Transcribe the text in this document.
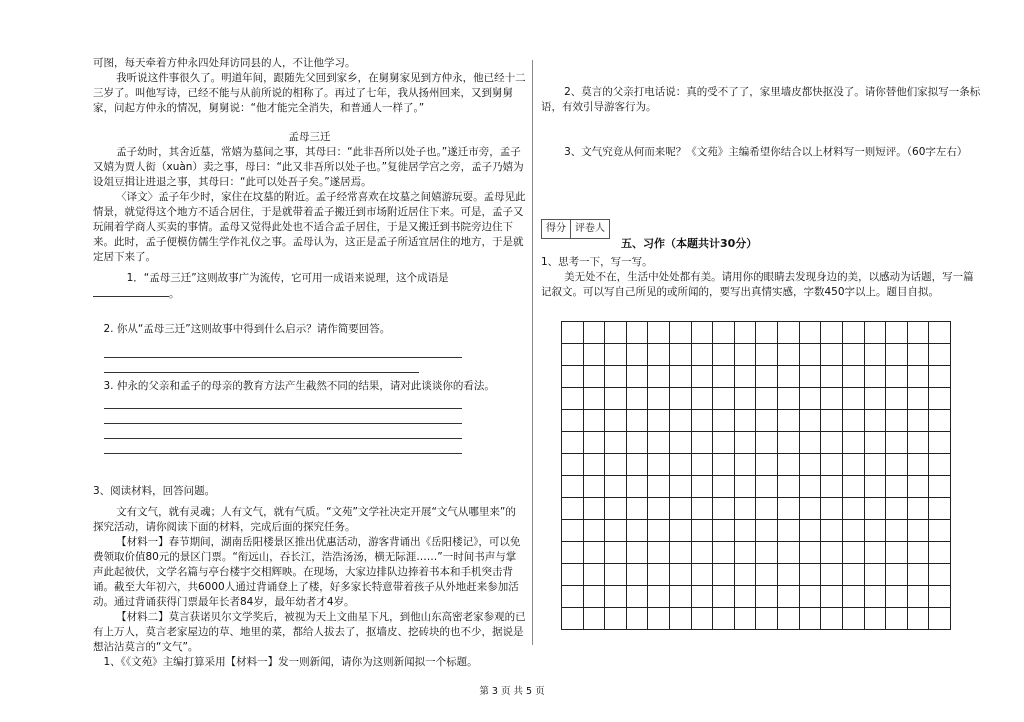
可图，每天牵着方仲永四处拜访同县的人，不让他学习。

我听说这件事很久了。明道年间，跟随先父回到家乡，在舅舅家见到方仲永，他已经十二三岁了。叫他写诗，已经不能与从前所说的相称了。再过了七年，我从扬州回来，又到舅舅家，问起方仲永的情况，舅舅说：“他才能完全消失，和普通人一样了。”

孟母三迁

孟子幼时，其舍近墓，常嬉为墓间之事，其母曰：“此非吾所以处子也。”遂迁市旁，孟子又嬉为贾人衒（xuàn）卖之事，母曰：“此又非吾所以处子也。”复徙居学宫之旁，孟子乃嬉为设俎豆揖让进退之事，其母曰：“此可以处吾子矣。”遂居焉。

〈译文〉孟子年少时，家住在坟墓的附近。孟子经常喜欢在坟墓之间嬉游玩耍。孟母见此情景，就觉得这个地方不适合居住，于是就带着孟子搬迁到市场附近居住下来。可是，孟子又玩闹着学商人买卖的事情。孟母又觉得此处也不适合孟子居住，于是又搬迁到书院旁边住下来。此时，孟子便模仿儒生学作礼仪之事。孟母认为，这正是孟子所适宜居住的地方，于是就定居下来了。

1．“孟母三迁”这则故事广为流传，它可用一成语来说理，这个成语是
。

2. 你从“孟母三迁”这则故事中得到什么启示？请作简要回答。

3. 仲永的父亲和孟子的母亲的教育方法产生截然不同的结果，请对此谈谈你的看法。

3、阅读材料，回答问题。

文有文气，就有灵魂；人有文气，就有气质。“文苑”文学社决定开展“文气从哪里来”的探究活动，请你阅读下面的材料，完成后面的探究任务。

【材料一】春节期间，湖南岳阳楼景区推出优惠活动，游客背诵出《岳阳楼记》，可以免费领取价值80元的景区门票。“衔远山，吞长江，浩浩汤汤，横无际涯……”一时间书声与掌声此起彼伏，文学名篇与亭台楼宇交相辉映。在现场，大家边排队边捧着书本和手机突击背诵。截至大年初六，共6000人通过背诵登上了楼，好多家长特意带着孩子从外地赶来参加活动。通过背诵获得门票最年长者84岁，最年幼者才4岁。

【材料二】莫言获诺贝尔文学奖后，被视为天上文曲星下凡，到他山东高密老家参观的已有上万人，莫言老家屋边的草、地里的菜，都给人拔去了，抠墙皮、挖砖块的也不少，据说是想沾沾莫言的“文气”。

1、《《文苑》主编打算采用【材料一】发一则新闻，请你为这则新闻拟一个标题。

2、莫言的父亲打电话说：真的受不了了，家里墙皮都快抠没了。请你替他们家拟写一条标语，有效引导游客行为。

3、文气究竟从何而来呢？《文苑》主编希望你结合以上材料写一则短评。（60字左右）

得分 评卷人
五、习作（本题共计30分）

1、思考一下，写一写。

美无处不在，生活中处处都有美。请用你的眼睛去发现身边的美，以感动为话题，写一篇记叙文。可以写自己所见的或所闻的，要写出真情实感，字数450字以上。题目自拟。

第 3 页 共 5 页
